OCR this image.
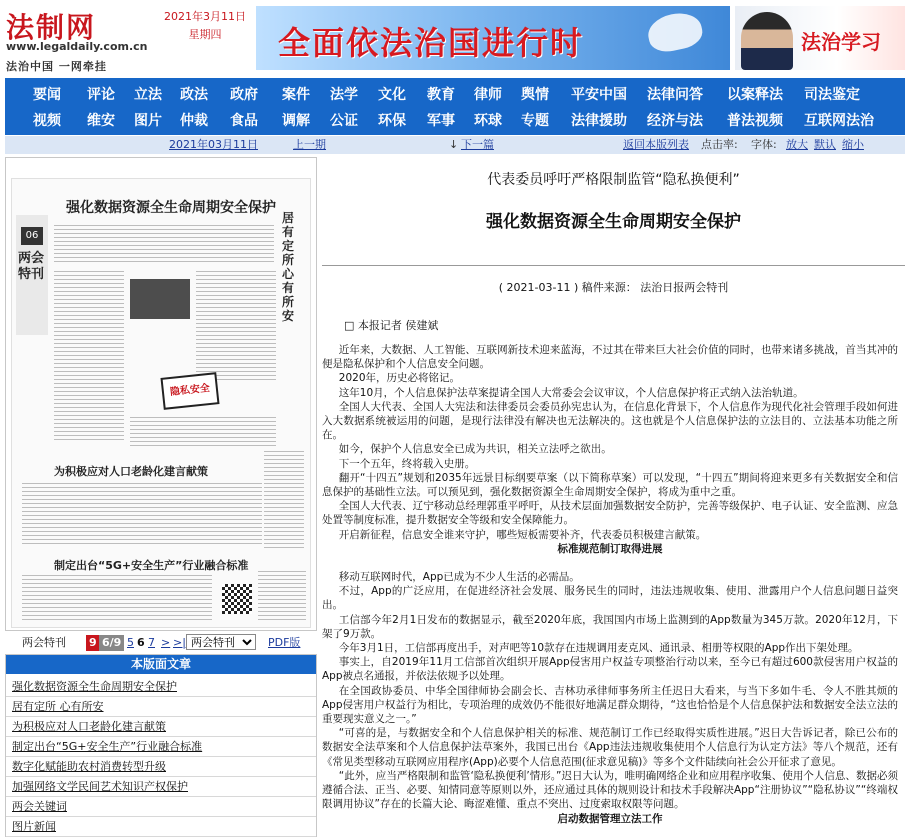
法制网
www.legaldaily.com.cn
法治中国 一网牵挂
2021年3月11日
星期四	全面依法治国进行时	法治学习
要闻 评论 立法 政法 政府 案件 法学 文化 教育 律师 舆情 平安中国 法律问答 以案释法 司法鉴定
视频 维安 图片 仲裁 食品 调解 公证 环保 军事 环球 专题 法律援助 经济与法 普法视频 互联网法治
2021年03月11日	上一期	下一篇
↓	返回本版列表 点击率: 字体: 放大 默认 缩小
强化数据资源全生命周期安全保护
06
两会特刊
居有定所 心有所安
隐私安全
为积极应对人口老龄化建言献策
制定出台“5G+安全生产”行业融合标准
两会特刊 9 6/9 5 6 7 > >|
两会特刊	PDF版
本版面文章
强化数据资源全生命周期安全保护
居有定所 心有所安
为积极应对人口老龄化建言献策
制定出台“5G+安全生产”行业融合标准
数字化赋能助农村消费转型升级
加强网络文学民间艺术知识产权保护
两会关键词
图片新闻
代表委员呼吁严格限制监管“隐私换便利”
强化数据资源全生命周期安全保护
( 2021-03-11 ) 稿件来源： 法治日报两会特刊
□ 本报记者 侯建斌

近年来，大数据、人工智能、互联网新技术迎来蓝海，不过其在带来巨大社会价值的同时，也带来诸多挑战，首当其冲的便是隐私保护和个人信息安全问题。

2020年，历史必将铭记。

这年10月，个人信息保护法草案提请全国人大常委会会议审议，个人信息保护将正式纳入法治轨道。

全国人大代表、全国人大宪法和法律委员会委员孙宪忠认为，在信息化背景下，个人信息作为现代化社会管理手段如何进入大数据系统被运用的问题，是现行法律没有解决也无法解决的。这也就是个人信息保护法的立法目的、立法基本功能之所在。

如今，保护个人信息安全已成为共识，相关立法呼之欲出。

下一个五年，终将载入史册。

翻开“十四五”规划和2035年远景目标纲要草案（以下简称草案）可以发现，“十四五”期间将迎来更多有关数据安全和信息保护的基础性立法。可以预见到，强化数据资源全生命周期安全保护，将成为重中之重。

全国人大代表、辽宁移动总经理郭重平呼吁，从技术层面加强数据安全防护，完善等级保护、电子认证、安全监测、应急处置等制度标准，提升数据安全等级和安全保障能力。

开启新征程，信息安全谁来守护，哪些短板需要补齐，代表委员积极建言献策。

标准规范制订取得进展

移动互联网时代，App已成为不少人生活的必需品。

不过，App的广泛应用，在促进经济社会发展、服务民生的同时，违法违规收集、使用、泄露用户个人信息问题日益突出。

工信部今年2月1日发布的数据显示，截至2020年底，我国国内市场上监测到的App数量为345万款。2020年12月，下架了9万款。

今年3月1日，工信部再度出手，对声吧等10款存在违规调用麦克风、通讯录、相册等权限的App作出下架处理。

事实上，自2019年11月工信部首次组织开展App侵害用户权益专项整治行动以来，至今已有超过600款侵害用户权益的App被点名通报，并依法依规予以处理。

在全国政协委员、中华全国律师协会副会长、吉林功承律师事务所主任迟日大看来，与当下多如牛毛、令人不胜其烦的App侵害用户权益行为相比，专项治理的成效仍不能很好地满足群众期待，“这也恰恰是个人信息保护法和数据安全法立法的重要现实意义之一。”

“可喜的是，与数据安全和个人信息保护相关的标准、规范制订工作已经取得实质性进展。”迟日大告诉记者，除已公布的数据安全法草案和个人信息保护法草案外，我国已出台《App违法违规收集使用个人信息行为认定方法》等八个规范，还有《常见类型移动互联网应用程序(App)必要个人信息范围(征求意见稿)》等多个文件陆续向社会公开征求了意见。

“此外，应当严格限制和监管‘隐私换便利’情形。”迟日大认为，唯明确网络企业和应用程序收集、使用个人信息、数据必须遵循合法、正当、必要、知情同意等原则以外，还应通过具体的规则设计和技术手段解决App“注册协议”“隐私协议”“终端权限调用协议”存在的长篇大论、晦涩难懂、重点不突出、过度索取权限等问题。

启动数据管理立法工作
